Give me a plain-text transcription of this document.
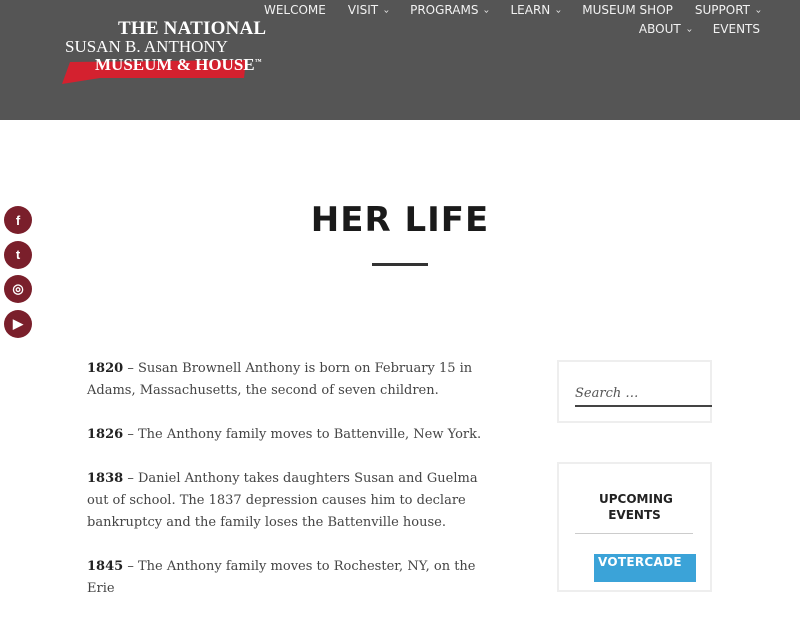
THE NATIONAL
SUSAN B. ANTHONY
MUSEUM & HOUSE™
WELCOME VISIT › PROGRAMS › LEARN › MUSEUM SHOP SUPPORT ›
ABOUT › EVENTS
f
t
◎
▶
HER LIFE

1820 – Susan Brownell Anthony is born on February 15 in Adams, Massachusetts, the second of seven children.

1826 – The Anthony family moves to Battenville, New York.

1838 – Daniel Anthony takes daughters Susan and Guelma out of school. The 1837 depression causes him to declare bankruptcy and the family loses the Battenville house.

1845 – The Anthony family moves to Rochester, NY, on the Erie

Search …
UPCOMING EVENTS
VOTERCADE
